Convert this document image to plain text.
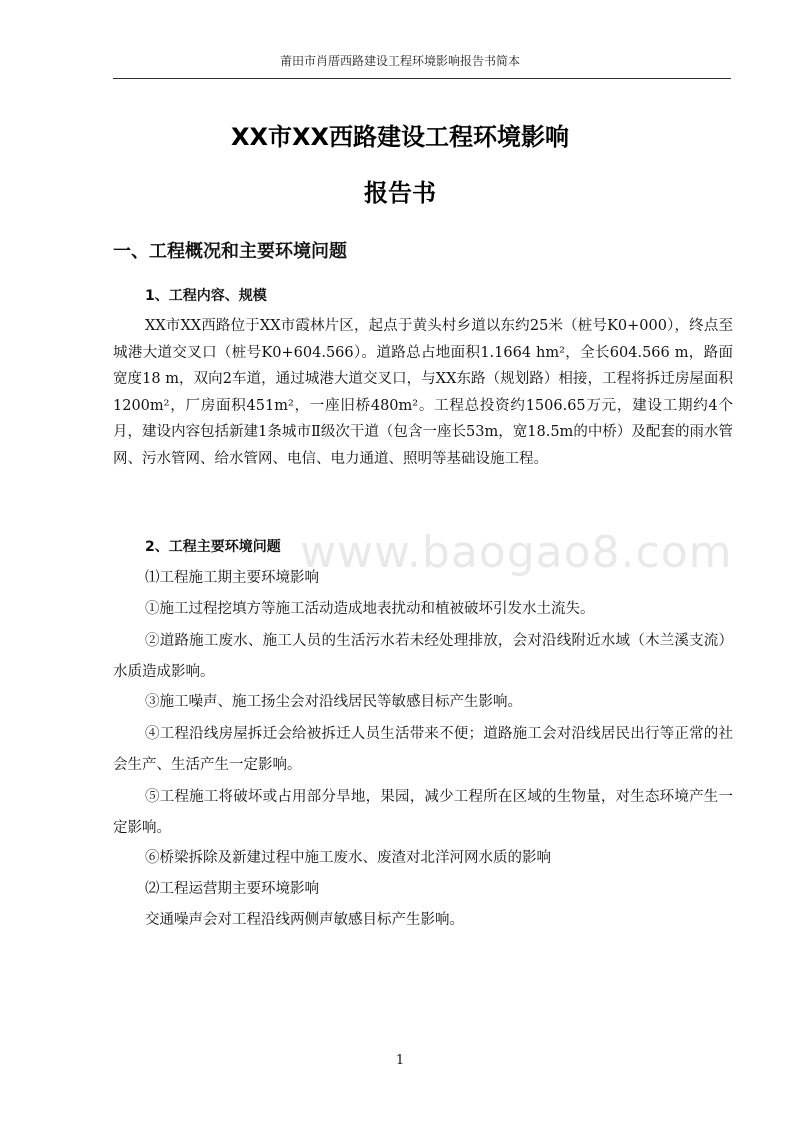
莆田市肖厝西路建设工程环境影响报告书简本
XX市XX西路建设工程环境影响
报告书
一、工程概况和主要环境问题
1、工程内容、规模

XX市XX西路位于XX市霞林片区，起点于黄头村乡道以东约25米（桩号K0+000），终点至城港大道交叉口（桩号K0+604.566）。道路总占地面积1.1664 hm²，全长604.566 m，路面宽度18 m，双向2车道，通过城港大道交叉口，与XX东路（规划路）相接，工程将拆迁房屋面积1200m²，厂房面积451m²，一座旧桥480m²。工程总投资约1506.65万元，建设工期约4个月，建设内容包括新建1条城市Ⅱ级次干道（包含一座长53m，宽18.5m的中桥）及配套的雨水管网、污水管网、给水管网、电信、电力通道、照明等基础设施工程。

2、工程主要环境问题 www.baogao8.com

⑴工程施工期主要环境影响

①施工过程挖填方等施工活动造成地表扰动和植被破坏引发水土流失。

②道路施工废水、施工人员的生活污水若未经处理排放，会对沿线附近水域（木兰溪支流）水质造成影响。

③施工噪声、施工扬尘会对沿线居民等敏感目标产生影响。

④工程沿线房屋拆迁会给被拆迁人员生活带来不便；道路施工会对沿线居民出行等正常的社会生产、生活产生一定影响。

⑤工程施工将破坏或占用部分旱地，果园，减少工程所在区域的生物量，对生态环境产生一定影响。

⑥桥梁拆除及新建过程中施工废水、废渣对北洋河网水质的影响

⑵工程运营期主要环境影响

交通噪声会对工程沿线两侧声敏感目标产生影响。

1
